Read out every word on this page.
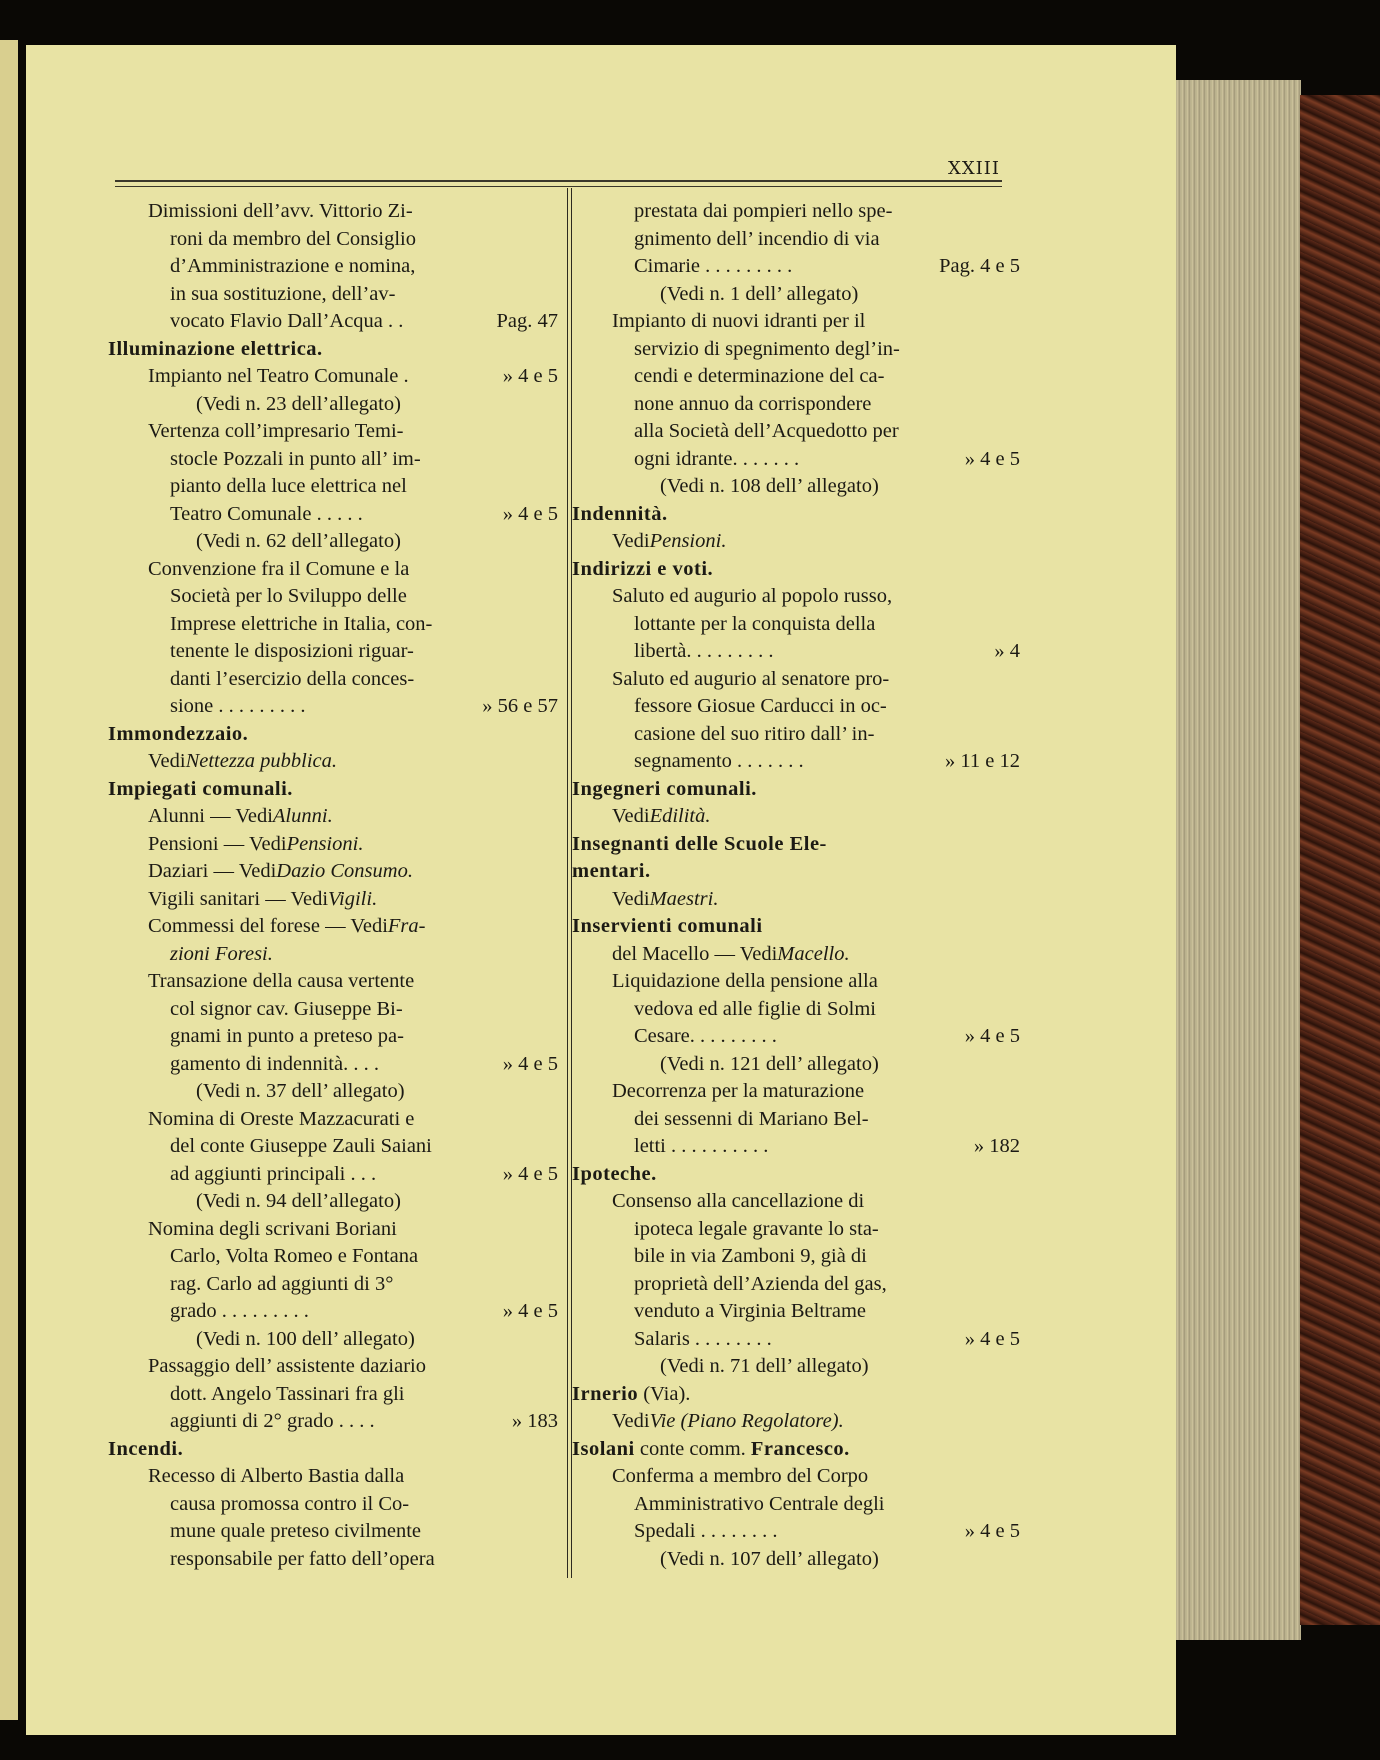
XXIII
Dimissioni dell’avv. Vittorio Zi-
roni da membro del Consiglio
d’Amministrazione e nomina,
in sua sostituzione, dell’av-
vocato Flavio Dall’Acqua . .	Pag. 47
Illuminazione elettrica.
Impianto nel Teatro Comunale .	» 4 e 5
(Vedi n. 23 dell’allegato)
Vertenza coll’impresario Temi-
stocle Pozzali in punto all’ im-
pianto della luce elettrica nel
Teatro Comunale . . . . .	» 4 e 5
(Vedi n. 62 dell’allegato)
Convenzione fra il Comune e la
Società per lo Sviluppo delle
Imprese elettriche in Italia, con-
tenente le disposizioni riguar-
danti l’esercizio della conces-
sione . . . . . . . . .	» 56 e 57
Immondezzaio.
VediNettezza pubblica.
Impiegati comunali.
Alunni — VediAlunni.
Pensioni — VediPensioni.
Daziari — VediDazio Consumo.
Vigili sanitari — VediVigili.
Commessi del forese — VediFra-
zioni Foresi.
Transazione della causa vertente
col signor cav. Giuseppe Bi-
gnami in punto a preteso pa-
gamento di indennità. . . .	» 4 e 5
(Vedi n. 37 dell’ allegato)
Nomina di Oreste Mazzacurati e
del conte Giuseppe Zauli Saiani
ad aggiunti principali . . .	» 4 e 5
(Vedi n. 94 dell’allegato)
Nomina degli scrivani Boriani
Carlo, Volta Romeo e Fontana
rag. Carlo ad aggiunti di 3°
grado . . . . . . . . .	» 4 e 5
(Vedi n. 100 dell’ allegato)
Passaggio dell’ assistente daziario
dott. Angelo Tassinari fra gli
aggiunti di 2° grado . . . .	» 183
Incendi.
Recesso di Alberto Bastia dalla
causa promossa contro il Co-
mune quale preteso civilmente
responsabile per fatto dell’opera
prestata dai pompieri nello spe-
gnimento dell’ incendio di via
Cimarie . . . . . . . . .	Pag. 4 e 5
(Vedi n. 1 dell’ allegato)
Impianto di nuovi idranti per il
servizio di spegnimento degl’in-
cendi e determinazione del ca-
none annuo da corrispondere
alla Società dell’Acquedotto per
ogni idrante. . . . . . .	» 4 e 5
(Vedi n. 108 dell’ allegato)
Indennità.
VediPensioni.
Indirizzi e voti.
Saluto ed augurio al popolo russo,
lottante per la conquista della
libertà. . . . . . . . .	» 4
Saluto ed augurio al senatore pro-
fessore Giosue Carducci in oc-
casione del suo ritiro dall’ in-
segnamento . . . . . . .	» 11 e 12
Ingegneri comunali.
VediEdilità.
Insegnanti delle Scuole Ele-
mentari.
VediMaestri.
Inservienti comunali
del Macello — VediMacello.
Liquidazione della pensione alla
vedova ed alle figlie di Solmi
Cesare. . . . . . . . .	» 4 e 5
(Vedi n. 121 dell’ allegato)
Decorrenza per la maturazione
dei sessenni di Mariano Bel-
letti . . . . . . . . . .	» 182
Ipoteche.
Consenso alla cancellazione di
ipoteca legale gravante lo sta-
bile in via Zamboni 9, già di
proprietà dell’Azienda del gas,
venduto a Virginia Beltrame
Salaris . . . . . . . .	» 4 e 5
(Vedi n. 71 dell’ allegato)
Irnerio (Via).
VediVie (Piano Regolatore).
Isolani conte comm. Francesco.
Conferma a membro del Corpo
Amministrativo Centrale degli
Spedali . . . . . . . .	» 4 e 5
(Vedi n. 107 dell’ allegato)
